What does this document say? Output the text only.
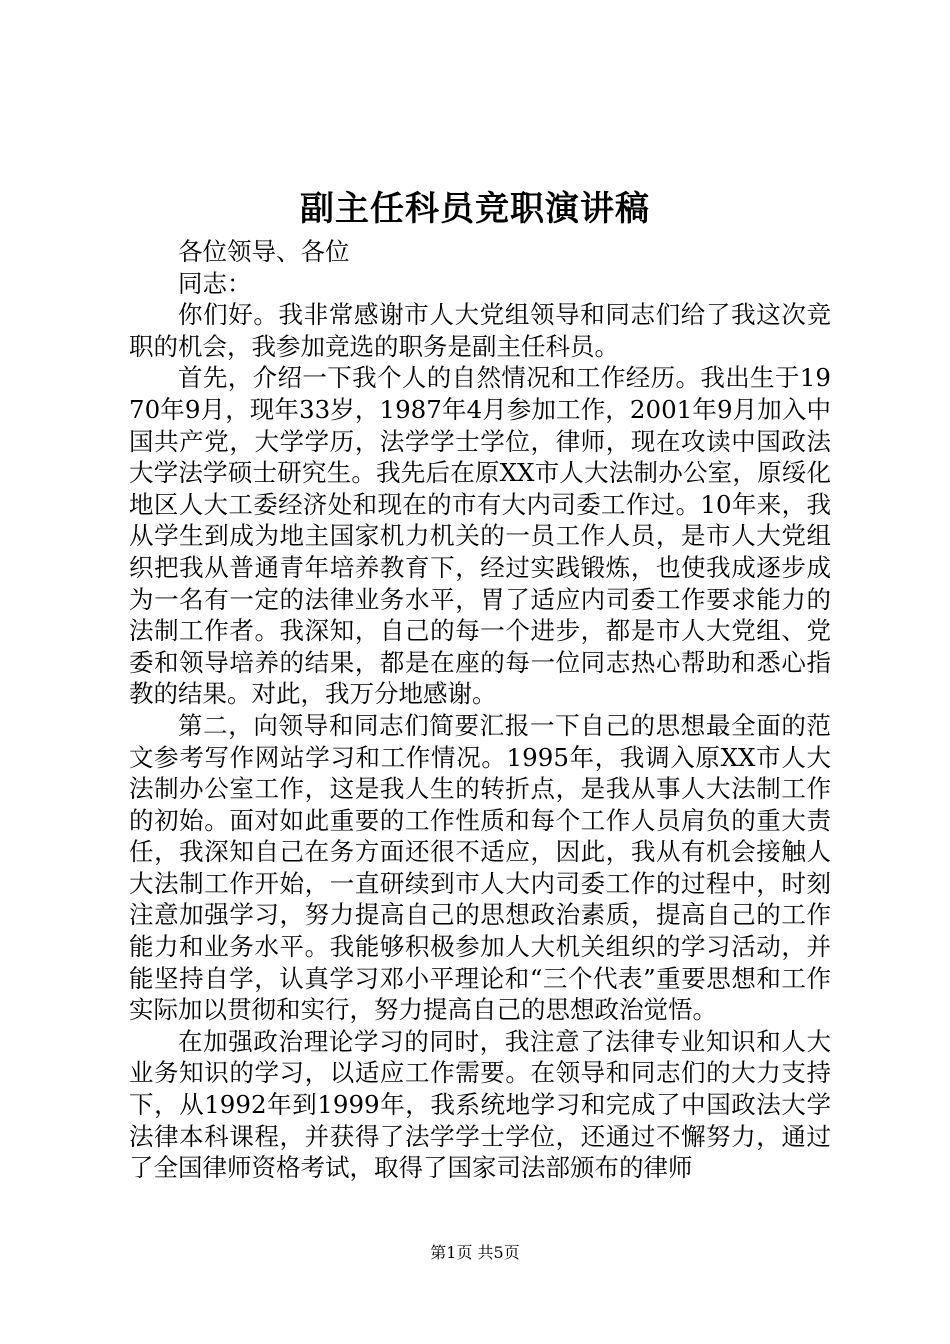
副主任科员竞职演讲稿

各位领导、各位

同志：

你们好。我非常感谢市人大党组领导和同志们给了我这次竞职的机会，我参加竞选的职务是副主任科员。

首先，介绍一下我个人的自然情况和工作经历。我出生于1970年9月，现年33岁，1987年4月参加工作，2001年9月加入中国共产党，大学学历，法学学士学位，律师，现在攻读中国政法大学法学硕士研究生。我先后在原XX市人大法制办公室，原绥化地区人大工委经济处和现在的市有大内司委工作过。10年来，我从学生到成为地主国家机力机关的一员工作人员，是市人大党组织把我从普通青年培养教育下，经过实践锻炼，也使我成逐步成为一名有一定的法律业务水平，胃了适应内司委工作要求能力的法制工作者。我深知，自己的每一个进步，都是市人大党组、党委和领导培养的结果，都是在座的每一位同志热心帮助和悉心指教的结果。对此，我万分地感谢。

第二，向领导和同志们简要汇报一下自己的思想最全面的范文参考写作网站学习和工作情况。1995年，我调入原XX市人大法制办公室工作，这是我人生的转折点，是我从事人大法制工作的初始。面对如此重要的工作性质和每个工作人员肩负的重大责任，我深知自己在务方面还很不适应，因此，我从有机会接触人大法制工作开始，一直研续到市人大内司委工作的过程中，时刻注意加强学习，努力提高自己的思想政治素质，提高自己的工作能力和业务水平。我能够积极参加人大机关组织的学习活动，并能坚持自学，认真学习邓小平理论和“三个代表”重要思想和工作实际加以贯彻和实行，努力提高自己的思想政治觉悟。

在加强政治理论学习的同时，我注意了法律专业知识和人大业务知识的学习，以适应工作需要。在领导和同志们的大力支持下，从1992年到1999年，我系统地学习和完成了中国政法大学法律本科课程，并获得了法学学士学位，还通过不懈努力，通过了全国律师资格考试，取得了国家司法部颁布的律师

第1页 共5页
